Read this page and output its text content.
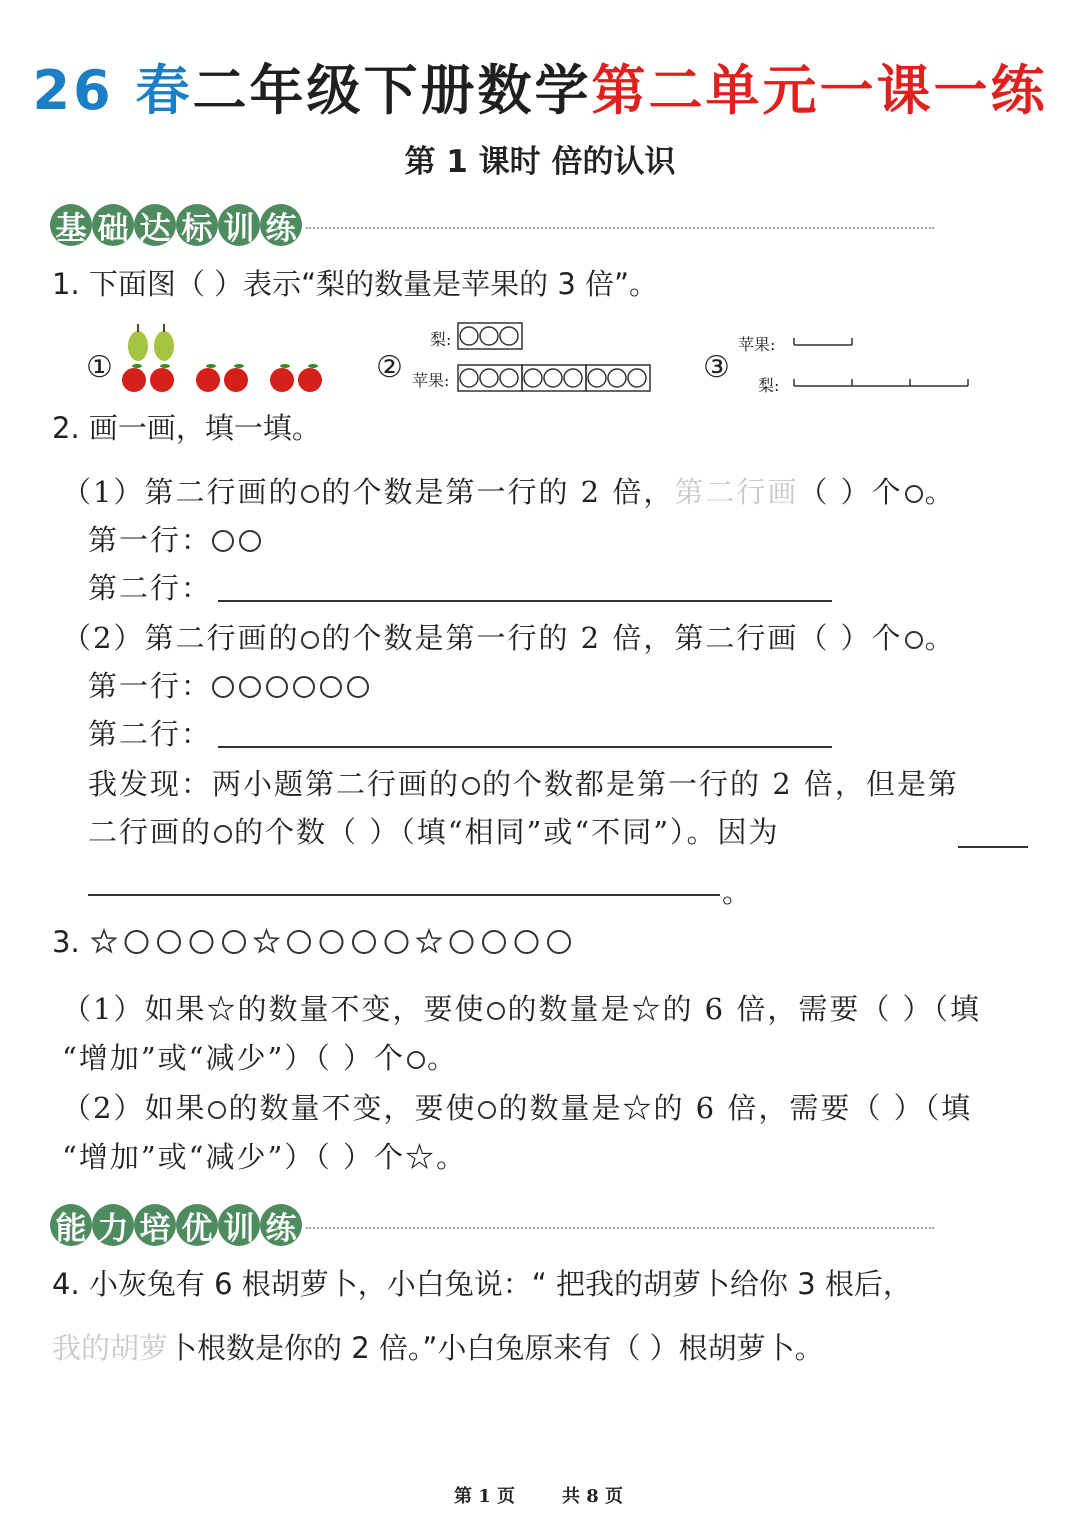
26 春二年级下册数学第二单元一课一练
第 1 课时 倍的认识
基 础 达 标 训 练
1. 下面图（ ）表示“梨的数量是苹果的 3 倍”。
①	②
梨:
苹果:	③
苹果:
梨:
2. 画一画，填一填。
（1）第二行画的 的个数是第一行的 2 倍，第二行画（ ）个 。
第一行：
第二行：
（2）第二行画的 的个数是第一行的 2 倍，第二行画（ ）个 。
第一行：
第二行：
我发现：两小题第二行画的 的个数都是第一行的 2 倍，但是第
二行画的 的个数（ ）（填“相同”或“不同”）。因为
。
3.
（1）如果☆的数量不变，要使 的数量是☆的 6 倍，需要（ ）（填
“增加”或“减少”）（ ）个 。
（2）如果 的数量不变，要使 的数量是☆的 6 倍，需要（ ）（填
“增加”或“减少”）（ ）个☆。
能 力 培 优 训 练
4. 小灰兔有 6 根胡萝卜，小白兔说：“ 把我的胡萝卜给你 3 根后，
我的胡萝卜根数是你的 2 倍。”小白兔原来有（ ）根胡萝卜。
第 1 页	共 8 页
